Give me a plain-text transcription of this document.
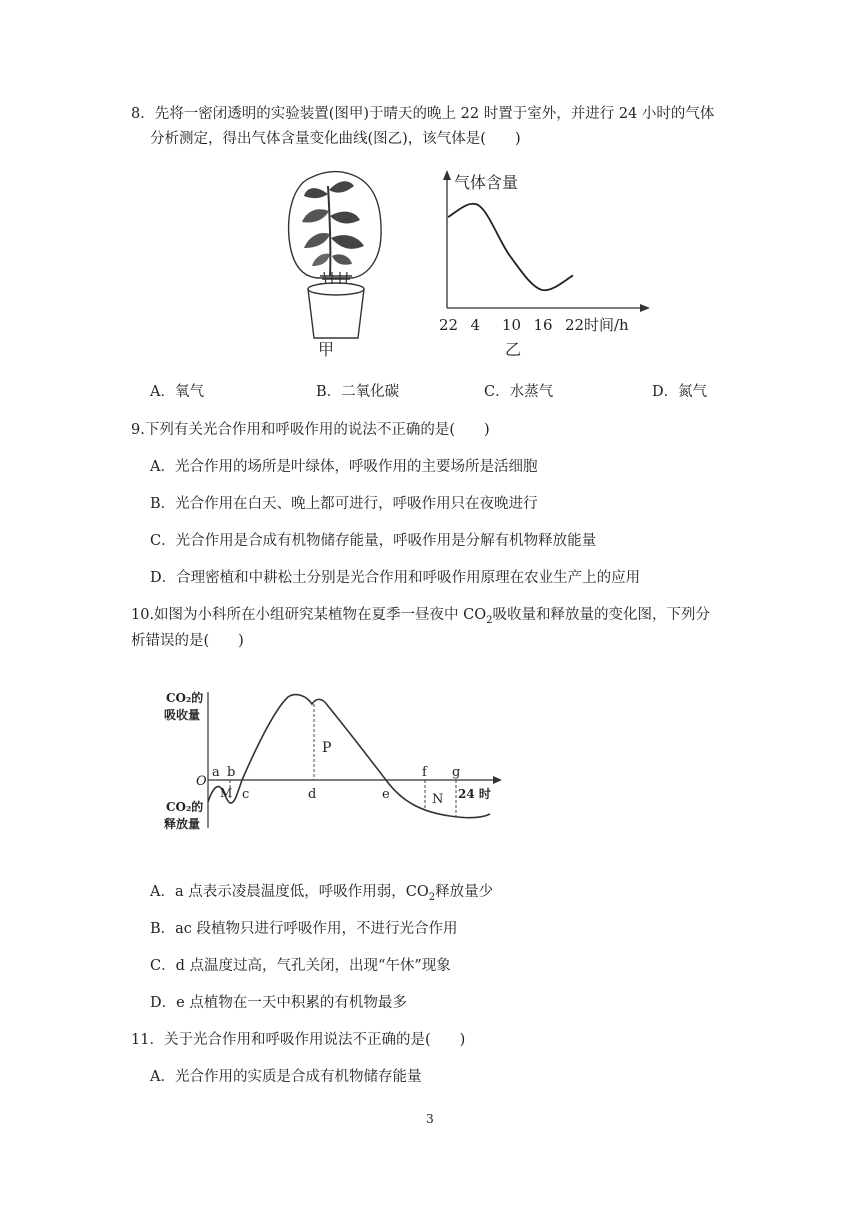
8．先将一密闭透明的实验装置(图甲)于晴天的晚上 22 时置于室外，并进行 24 小时的气体
分析测定，得出气体含量变化曲线(图乙)，该气体是(　　)
甲
气体含量
22 4 10 16 22 时间/h
乙
A．氧气	B．二氧化碳	C．水蒸气	D．氮气
9.下列有关光合作用和呼吸作用的说法不正确的是(　　)
A．光合作用的场所是叶绿体，呼吸作用的主要场所是活细胞
B．光合作用在白天、晚上都可进行，呼吸作用只在夜晚进行
C．光合作用是合成有机物储存能量，呼吸作用是分解有机物释放能量
D．合理密植和中耕松土分别是光合作用和呼吸作用原理在农业生产上的应用
10.如图为小科所在小组研究某植物在夏季一昼夜中 $CO_2$吸收量和释放量的变化图，下列分
析错误的是(　　)
CO₂的
吸收量
CO₂的
释放量
O
a b
c	d	e
f g
M
P
N 24 时
A．a 点表示凌晨温度低，呼吸作用弱，$CO_2$释放量少
B．ac 段植物只进行呼吸作用，不进行光合作用
C．d 点温度过高，气孔关闭，出现“午休”现象
D．e 点植物在一天中积累的有机物最多
11．关于光合作用和呼吸作用说法不正确的是(　　)
A．光合作用的实质是合成有机物储存能量
3
